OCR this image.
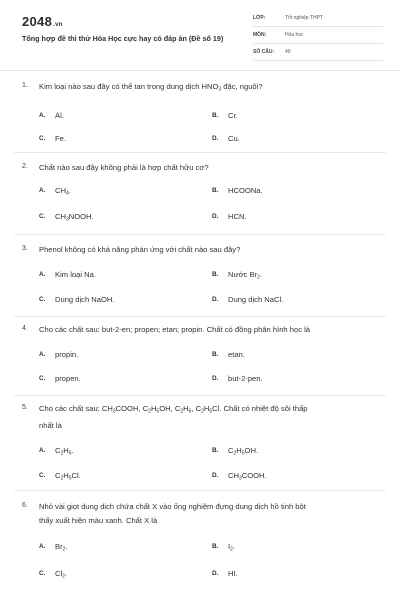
2048.vn
Tổng hợp đề thi thử Hóa Học cực hay có đáp án (Đề số 19)
LỚP:	Tốt nghiệp THPT
MÔN:	Hóa học
SỐ CÂU: 40
1. Kim loại nào sau đây có thể tan trong dung dịch $HNO_3$ đặc, nguội?
A. Al.	B. Cr.
C. Fe.	D. Cu.
2. Chất nào sau đây không phải là hợp chất hữu cơ?
A. $CH_4$.	B. HCOONa.
C. $CH_3NOOH$.	D. HCN.
3. Phenol không có khả năng phản ứng với chất nào sau đây?
A. Kim loại Na.	B. Nước $Br_2$.
C. Dung dịch NaOH.	D. Dung dịch NaCl.
4. Cho các chất sau: but-2-en; propen; etan; propin. Chất có đồng phân hình học là
A. propin.	B. etan.
C. propen.	D. but-2-pen.
5. Cho các chất sau: $CH_3COOH$, $C_2H_5OH$, $C_2H_6$, $C_2H_5Cl$. Chất có nhiệt độ sôi thấp
nhất là
A. $C_2H_6$.	B. $C_2H_5OH$.
C. $C_2H_5Cl$.	D. $CH_3COOH$.
6. Nhỏ vài giọt dung dịch chứa chất X vào ống nghiệm đựng dung dịch hồ tinh bột
thấy xuất hiện màu xanh. Chất X là
A. $Br_2$.	B. $I_2$.
C. $Cl_2$.	D. HI.
